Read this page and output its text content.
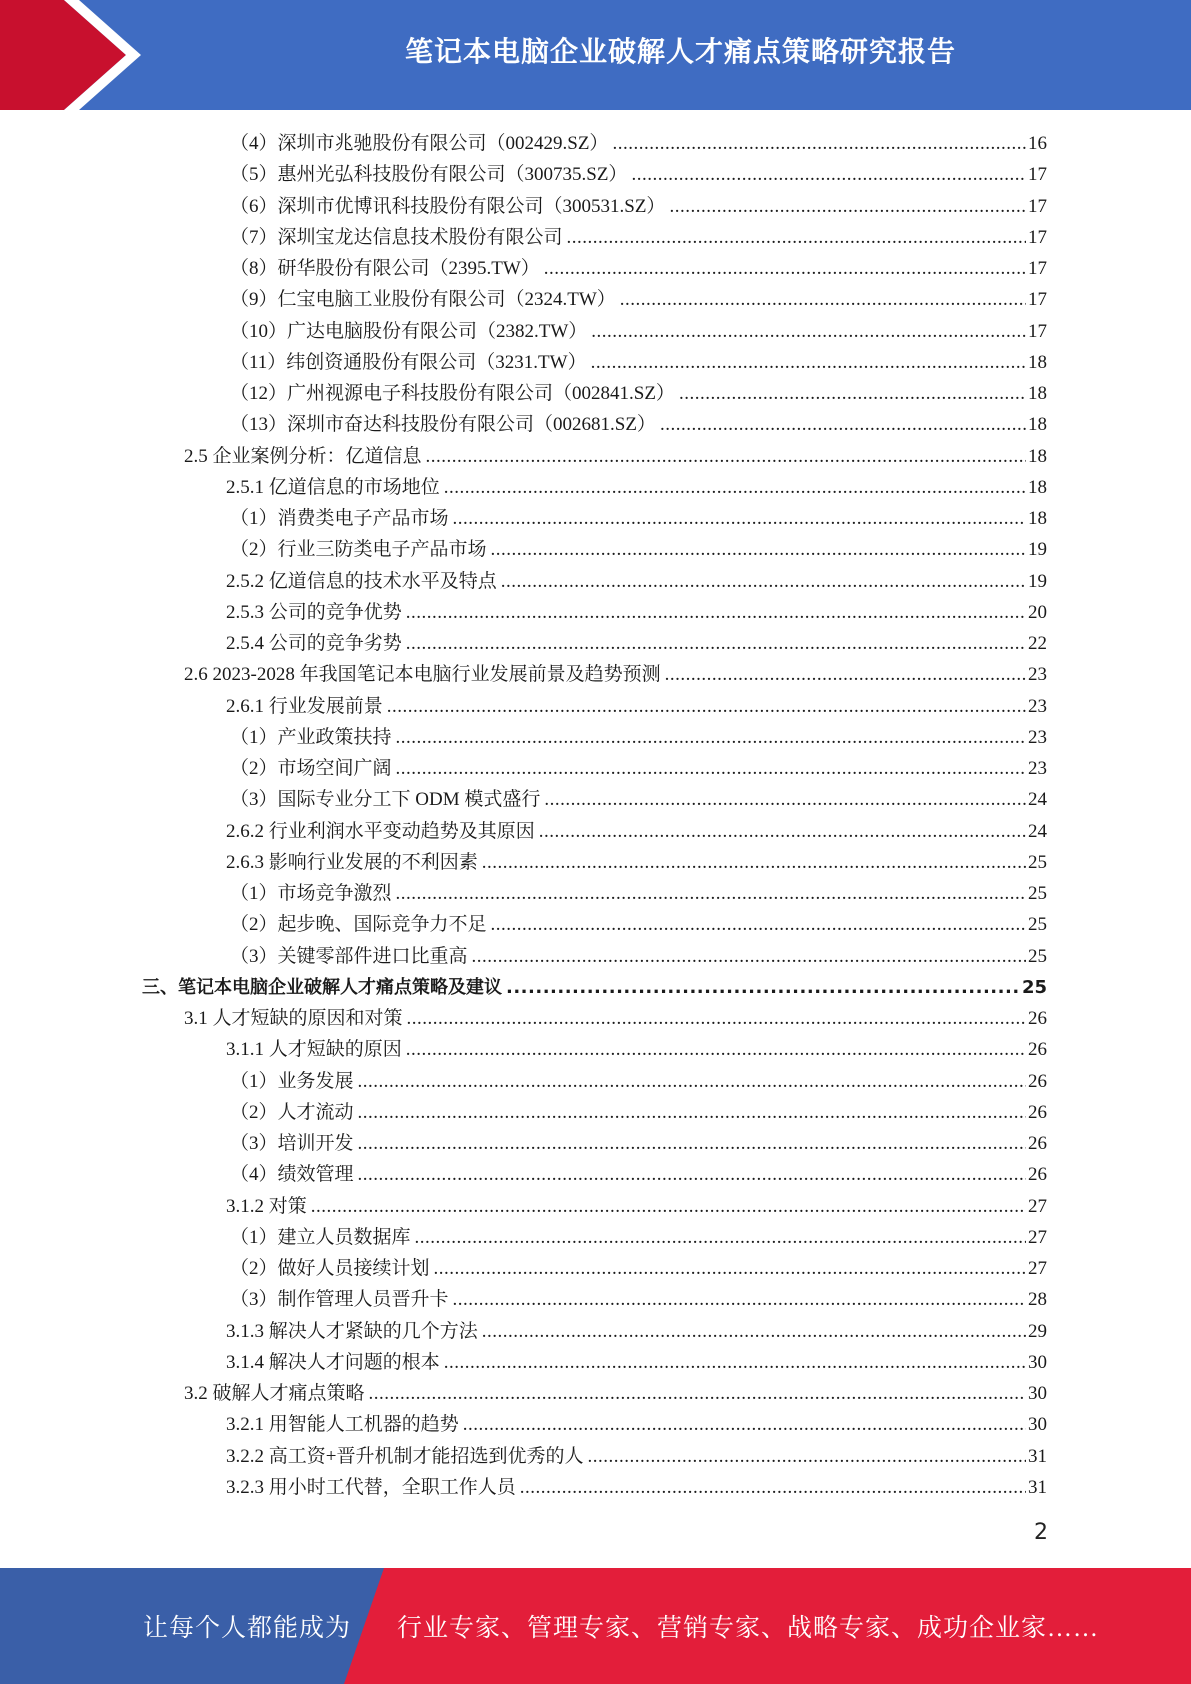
笔记本电脑企业破解人才痛点策略研究报告
（4）深圳市兆驰股份有限公司（002429.SZ） .....	16
（5）惠州光弘科技股份有限公司（300735.SZ） .....	17
（6）深圳市优博讯科技股份有限公司（300531.SZ） .....	17
（7）深圳宝龙达信息技术股份有限公司 .....	17
（8）研华股份有限公司（2395.TW） .....	17
（9）仁宝电脑工业股份有限公司（2324.TW） .....	17
（10）广达电脑股份有限公司（2382.TW） .....	17
（11）纬创资通股份有限公司（3231.TW） .....	18
（12）广州视源电子科技股份有限公司（002841.SZ） .....	18
（13）深圳市奋达科技股份有限公司（002681.SZ） .....	18
2.5 企业案例分析：亿道信息 .....	18
2.5.1 亿道信息的市场地位 .....	18
（1）消费类电子产品市场 .....	18
（2）行业三防类电子产品市场 .....	19
2.5.2 亿道信息的技术水平及特点 .....	19
2.5.3 公司的竞争优势 .....	20
2.5.4 公司的竞争劣势 .....	22
2.6 2023-2028 年我国笔记本电脑行业发展前景及趋势预测 .....	23
2.6.1 行业发展前景 .....	23
（1）产业政策扶持 .....	23
（2）市场空间广阔 .....	23
（3）国际专业分工下 ODM 模式盛行 .....	24
2.6.2 行业利润水平变动趋势及其原因 .....	24
2.6.3 影响行业发展的不利因素 .....	25
（1）市场竞争激烈 .....	25
（2）起步晚、国际竞争力不足 .....	25
（3）关键零部件进口比重高 .....	25
三、笔记本电脑企业破解人才痛点策略及建议 .....	25
3.1 人才短缺的原因和对策 .....	26
3.1.1 人才短缺的原因 .....	26
（1）业务发展 .....	26
（2）人才流动 .....	26
（3）培训开发 .....	26
（4）绩效管理 .....	26
3.1.2 对策 .....	27
（1）建立人员数据库 .....	27
（2）做好人员接续计划 .....	27
（3）制作管理人员晋升卡 .....	28
3.1.3 解决人才紧缺的几个方法 .....	29
3.1.4 解决人才问题的根本 .....	30
3.2 破解人才痛点策略 .....	30
3.2.1 用智能人工机器的趋势 .....	30
3.2.2 高工资+晋升机制才能招选到优秀的人 .....	31
3.2.3 用小时工代替，全职工作人员 .....	31
2
让每个人都能成为 行业专家、管理专家、营销专家、战略专家、成功企业家……
